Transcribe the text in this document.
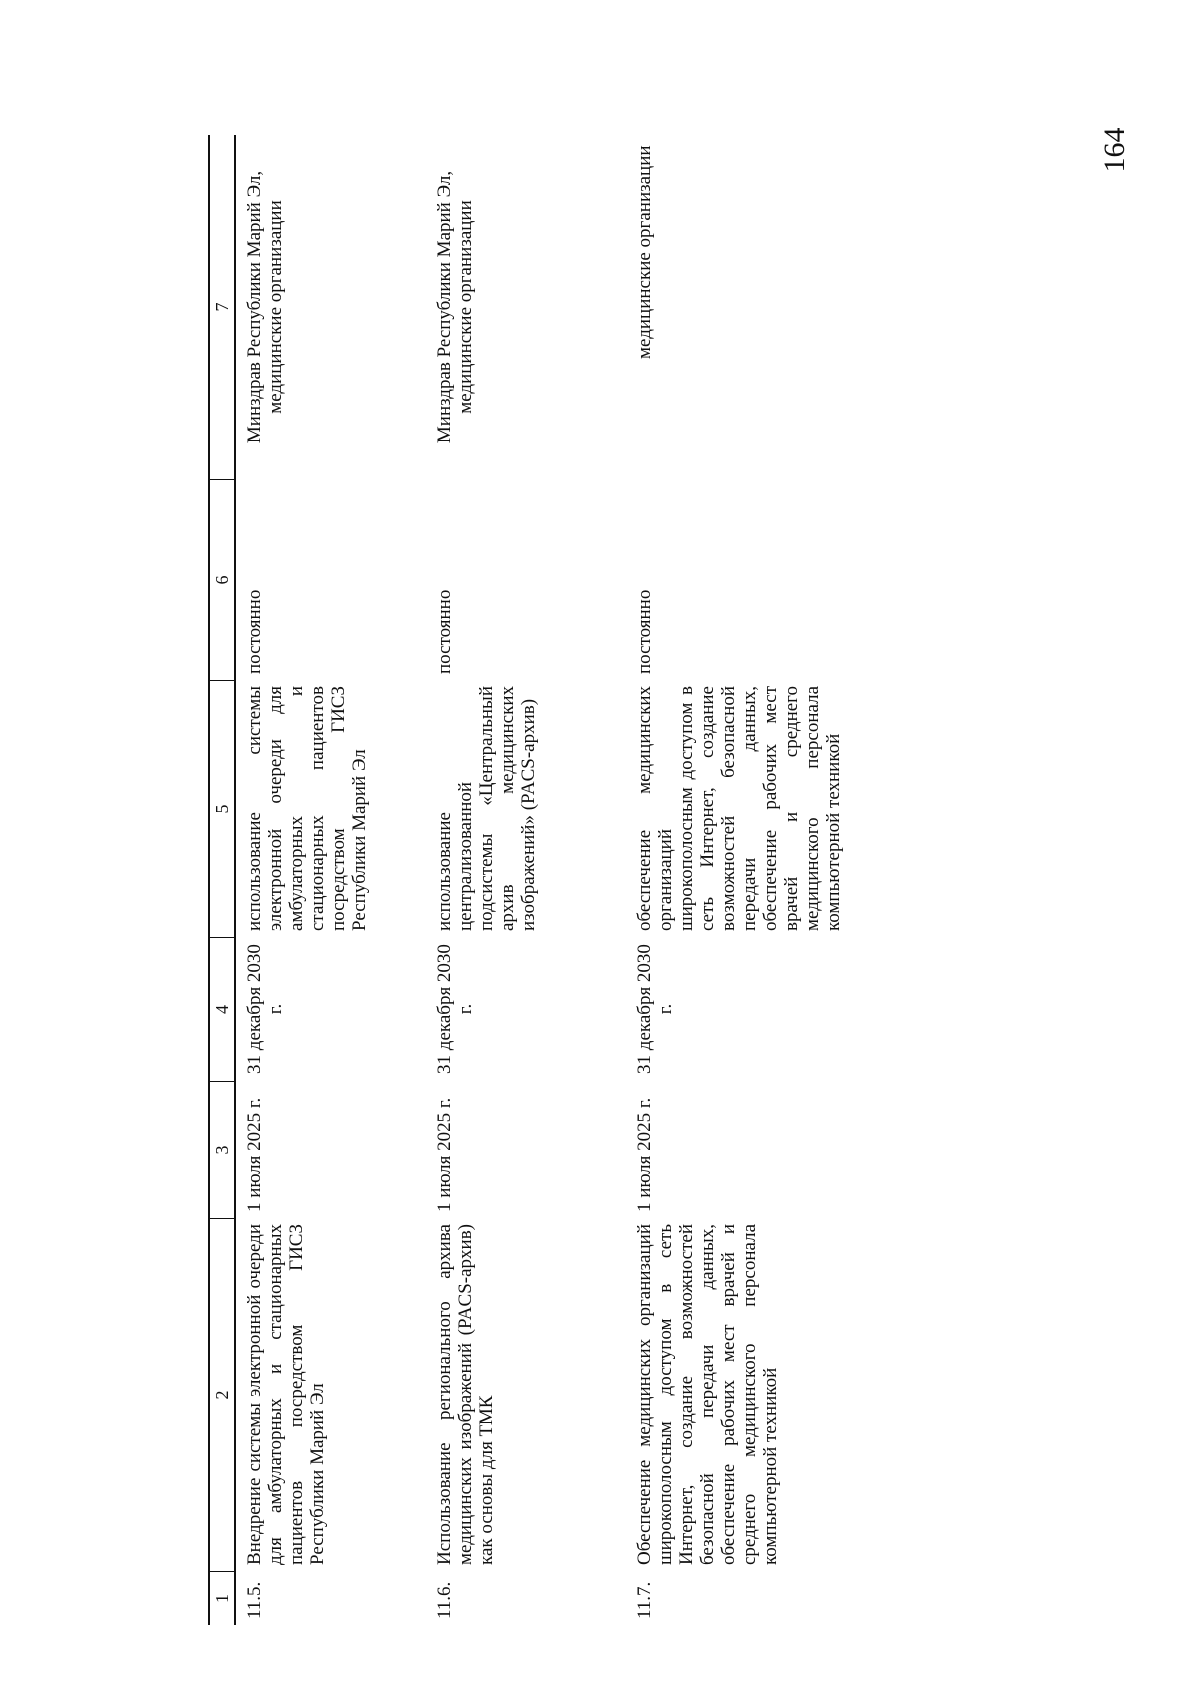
164
1
2
3
4
5
6
7
11.5.
Внедрение системы электронной очереди для амбулаторных и стационарных пациентов посредством ГИСЗ Республики Марий Эл
1 июля 2025 г.
31 декабря 2030 г.
использование системы электронной очереди для амбулаторных и стационарных пациентов посредством ГИСЗ Республики Марий Эл
постоянно
Минздрав Республики Марий Эл, медицинские организации
11.6.
Использование регионального архива медицинских изображений (PACS-архив) как основы для ТМК
1 июля 2025 г.
31 декабря 2030 г.
использование централизованной подсистемы «Центральный архив медицинских изображений» (PACS-архив)
постоянно
Минздрав Республики Марий Эл, медицинские организации
11.7.
Обеспечение медицинских организаций широкополосным доступом в сеть Интернет, создание возможностей безопасной передачи данных, обеспечение рабочих мест врачей и среднего медицинского персонала компьютерной техникой
1 июля 2025 г.
31 декабря 2030 г.
обеспечение медицинских организаций широкополосным доступом в сеть Интернет, создание возможностей безопасной передачи данных, обеспечение рабочих мест врачей и среднего медицинского персонала компьютерной техникой
постоянно
медицинские организации
